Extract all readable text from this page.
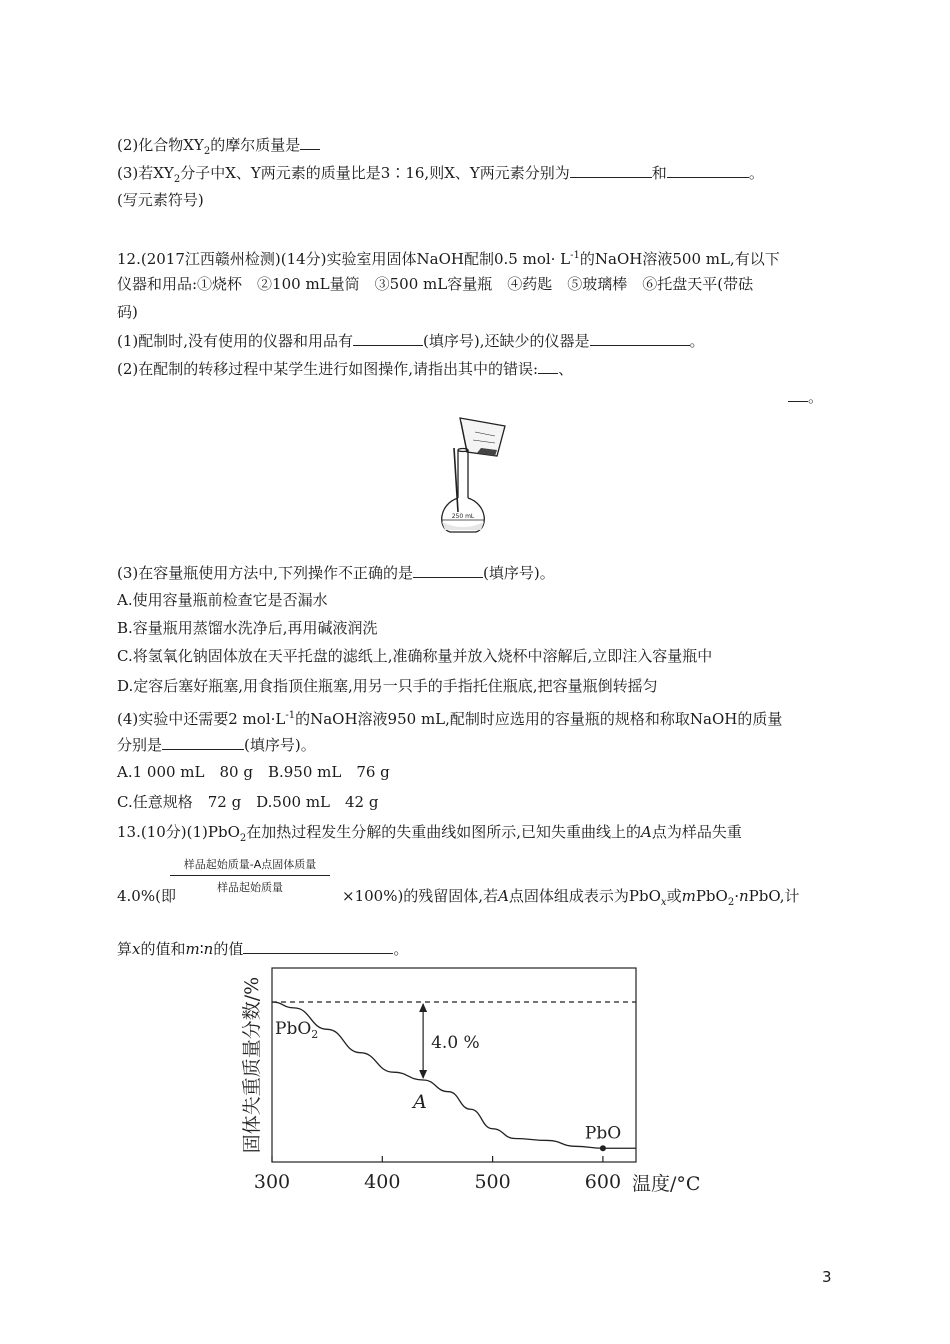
(2)化合物$XY_2$的摩尔质量是
(3)若$XY_2$分子中X、Y两元素的质量比是3∶16,则X、Y两元素分别为	和	。
(写元素符号)
12.(2017江西赣州检测)(14分)实验室用固体NaOH配制0.5 $mol\cdot L^{-1}$的NaOH溶液500 mL,有以下
仪器和用品:①烧杯　②100 mL量筒　③500 mL容量瓶　④药匙　⑤玻璃棒　⑥托盘天平(带砝
码)
(1)配制时,没有使用的仪器和用品有	(填序号),还缺少的仪器是	。
(2)在配制的转移过程中某学生进行如图操作,请指出其中的错误: 、
。
250 mL
(3)在容量瓶使用方法中,下列操作不正确的是	(填序号)。
A.使用容量瓶前检查它是否漏水
B.容量瓶用蒸馏水洗净后,再用碱液润洗
C.将氢氧化钠固体放在天平托盘的滤纸上,准确称量并放入烧杯中溶解后,立即注入容量瓶中
D.定容后塞好瓶塞,用食指顶住瓶塞,用另一只手的手指托住瓶底,把容量瓶倒转摇匀
(4)实验中还需要2 $mol\cdot L^{-1}$的NaOH溶液950 mL,配制时应选用的容量瓶的规格和称取NaOH的质量
分别是	(填序号)。
A.1 000 mL　80 g　B.950 mL　76 g
C.任意规格　72 g　D.500 mL　42 g
13.(10分)(1)PbO$_2$在加热过程发生分解的失重曲线如图所示,已知失重曲线上的A点为样品失重
样品起始质量-A点固体质量
样品起始质量
4.0%(即	×100%)的残留固体,若A点固体组成表示为PbO$_x$或mPbO$_2$·nPbO,计
算x的值和m∶n的值	。
固体失重质量分数/%
温度/°C
300	400	500	600
PbO$_2$	4.0 %
A
PbO
3
